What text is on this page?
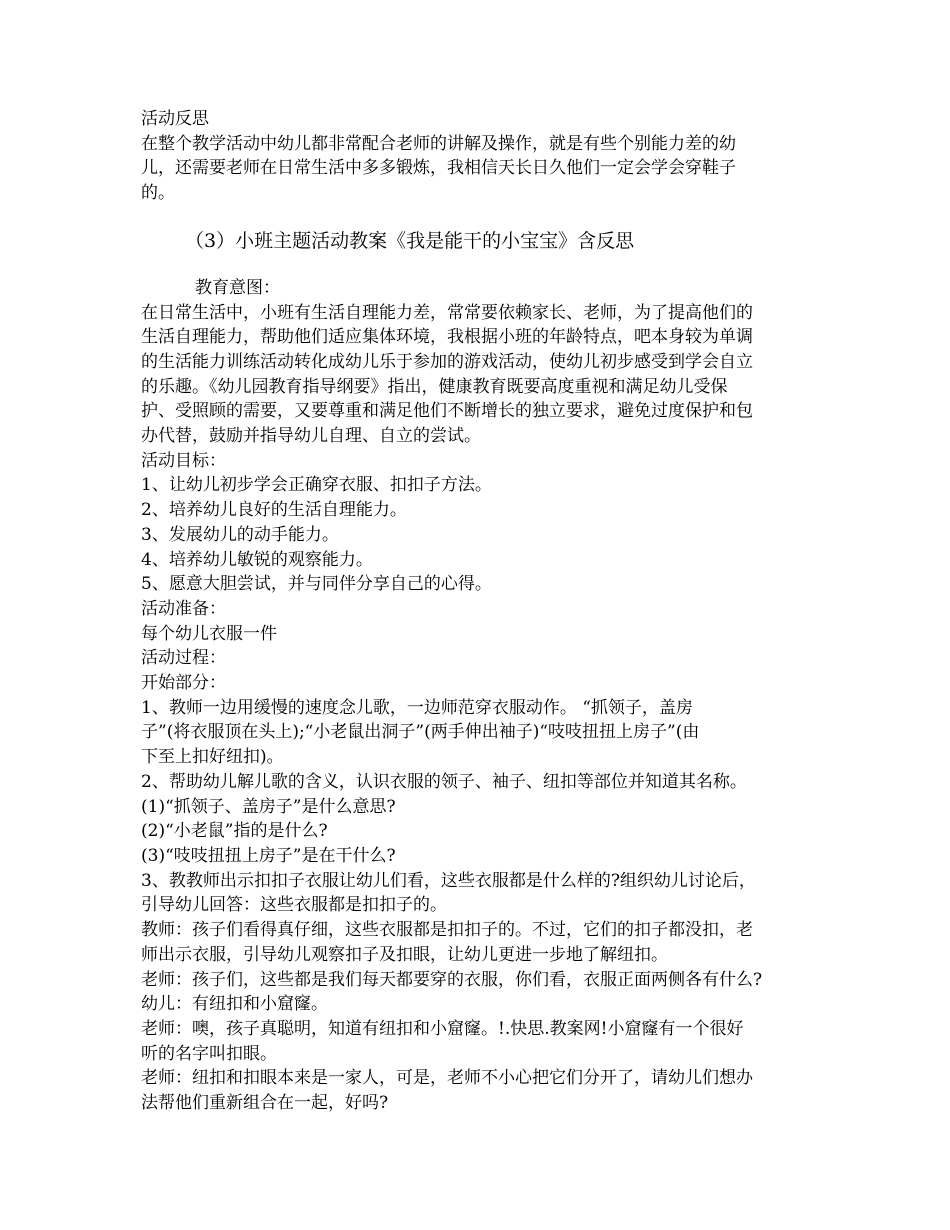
活动反思
在整个教学活动中幼儿都非常配合老师的讲解及操作，就是有些个别能力差的幼
儿，还需要老师在日常生活中多多锻炼，我相信天长日久他们一定会学会穿鞋子
的。
（3）小班主题活动教案《我是能干的小宝宝》含反思
教育意图：
在日常生活中，小班有生活自理能力差，常常要依赖家长、老师，为了提高他们的
生活自理能力，帮助他们适应集体环境，我根据小班的年龄特点，吧本身较为单调
的生活能力训练活动转化成幼儿乐于参加的游戏活动，使幼儿初步感受到学会自立
的乐趣。《幼儿园教育指导纲要》指出，健康教育既要高度重视和满足幼儿受保
护、受照顾的需要，又要尊重和满足他们不断增长的独立要求，避免过度保护和包
办代替，鼓励并指导幼儿自理、自立的尝试。
活动目标：
1、让幼儿初步学会正确穿衣服、扣扣子方法。
2、培养幼儿良好的生活自理能力。
3、发展幼儿的动手能力。
4、培养幼儿敏锐的观察能力。
5、愿意大胆尝试，并与同伴分享自己的心得。
活动准备：
每个幼儿衣服一件
活动过程：
开始部分：
1、教师一边用缓慢的速度念儿歌，一边师范穿衣服动作。 “抓领子，盖房
子”(将衣服顶在头上);“小老鼠出洞子”(两手伸出袖子)“吱吱扭扭上房子”(由
下至上扣好纽扣)。
2、帮助幼儿解儿歌的含义，认识衣服的领子、袖子、纽扣等部位并知道其名称。
(1)“抓领子、盖房子”是什么意思?
(2)“小老鼠”指的是什么?
(3)“吱吱扭扭上房子”是在干什么?
3、教教师出示扣扣子衣服让幼儿们看，这些衣服都是什么样的?组织幼儿讨论后，
引导幼儿回答：这些衣服都是扣扣子的。
教师：孩子们看得真仔细，这些衣服都是扣扣子的。不过，它们的扣子都没扣，老
师出示衣服，引导幼儿观察扣子及扣眼，让幼儿更进一步地了解纽扣。
老师：孩子们，这些都是我们每天都要穿的衣服，你们看，衣服正面两侧各有什么?
幼儿：有纽扣和小窟窿。
老师：噢，孩子真聪明，知道有纽扣和小窟窿。!.快思.教案网!小窟窿有一个很好
听的名字叫扣眼。
老师：纽扣和扣眼本来是一家人，可是，老师不小心把它们分开了，请幼儿们想办
法帮他们重新组合在一起，好吗?
